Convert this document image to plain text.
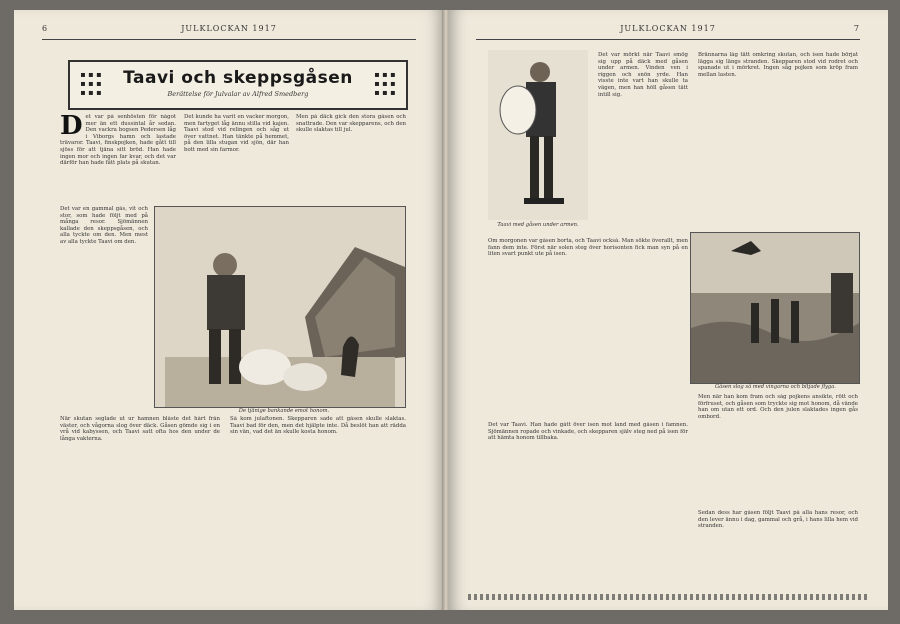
6	JULKLOCKAN 1917
▪ ▪ ▪
▪ ▪ ▪
▪ ▪ ▪
Taavi och skeppsgåsen
Berättelse för Julvalar av Alfred Smedberg
▪ ▪ ▪
▪ ▪ ▪
▪ ▪ ▪
D et var på senhösten för något mer än ett dussintal år sedan. Den vackra bogsen Pedersen låg i Viborgs hamn och lastade trävaror. Taavi, finskpojken, hade gått till sjöss för att tjäna sitt bröd. Han hade ingen mor och ingen far kvar, och det var därför han hade fått plats på skutan.
Det kunde ha varit en vacker morgon, men fartyget låg ännu stilla vid kajen. Taavi stod vid relingen och såg ut över vattnet. Han tänkte på hemmet, på den lilla stugan vid sjön, där han bott med sin farmor.
Men på däck gick den stora gåsen och snattrade. Den var skepparens, och den skulle slaktas till jul.
De tjänige bankande emot honom.
Det var en gammal gås, vit och stor, som hade följt med på många resor. Sjömännen kallade den skeppsgåsen, och alla tyckte om den. Men mest av alla tyckte Taavi om den.
När skutan seglade ut ur hamnen blåste det hårt från väster, och vågorna slog över däck. Gåsen gömde sig i en vrå vid kabyssen, och Taavi satt ofta hos den under de långa vakterna.
Så kom julaftonen. Skepparen sade att gåsen skulle slaktas. Taavi bad för den, men det hjälpte inte. Då beslöt han att rädda sin vän, vad det än skulle kosta honom.
JULKLOCKAN 1917	7
Taavi med gåsen under armen.
Det var mörkt när Taavi smög sig upp på däck med gåsen under armen. Vinden ven i riggen och snön yrde. Han visste inte vart han skulle ta vägen, men han höll gåsen tätt intill sig.
Brännarna låg tätt omkring skutan, och isen hade börjat lägga sig längs stranden. Skepparen stod vid rodret och spanade ut i mörkret. Ingen såg pojken som kröp fram mellan lasten.
Om morgonen var gåsen borta, och Taavi också. Man sökte överallt, men fann dem inte. Först när solen steg över horisonten fick man syn på en liten svart punkt ute på isen.
Gåsen slog så med vingarna och bitjade flyga.
Det var Taavi. Han hade gått över isen mot land med gåsen i famnen. Sjömännen ropade och vinkade, och skepparen själv steg ned på isen för att hämta honom tillbaka.
Men när han kom fram och såg pojkens ansikte, rött och förfruset, och gåsen som tryckte sig mot honom, då vände han om utan ett ord. Och den julen slaktades ingen gås ombord.
Sedan dess har gåsen följt Taavi på alla hans resor, och den lever ännu i dag, gammal och grå, i hans lilla hem vid stranden.
